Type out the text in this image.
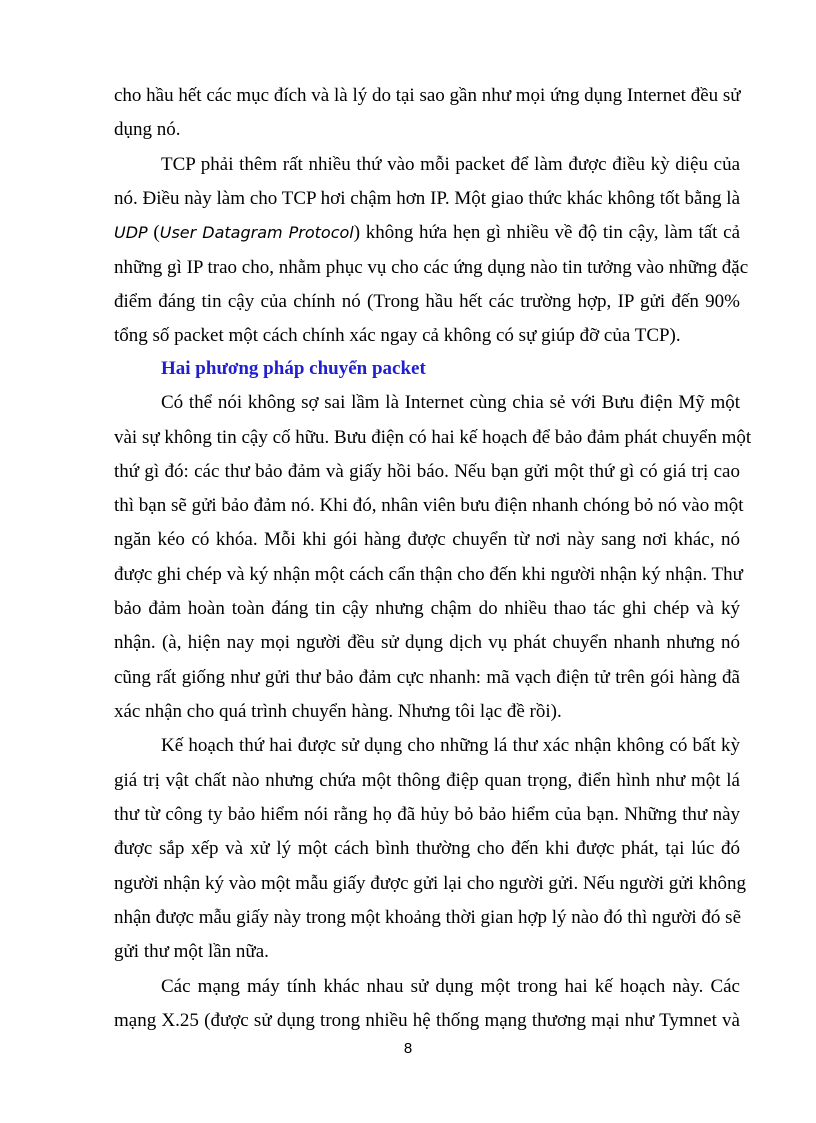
cho hầu hết các mục đích và là lý do tại sao gần như mọi ứng dụng Internet đều sử
dụng nó.
TCP phải thêm rất nhiều thứ vào mỗi packet để làm được điều kỳ diệu của
nó. Điều này làm cho TCP hơi chậm hơn IP. Một giao thức khác không tốt bằng là
UDP (User Datagram Protocol) không hứa hẹn gì nhiều về độ tin cậy, làm tất cả
những gì IP trao cho, nhằm phục vụ cho các ứng dụng nào tin tưởng vào những đặc
điểm đáng tin cậy của chính nó (Trong hầu hết các trường hợp, IP gửi đến 90%
tổng số packet một cách chính xác ngay cả không có sự giúp đỡ của TCP).
Hai phương pháp chuyển packet
Có thể nói không sợ sai lầm là Internet cùng chia sẻ với Bưu điện Mỹ một
vài sự không tin cậy cố hữu. Bưu điện có hai kế hoạch để bảo đảm phát chuyển một
thứ gì đó: các thư bảo đảm và giấy hồi báo. Nếu bạn gửi một thứ gì có giá trị cao
thì bạn sẽ gửi bảo đảm nó. Khi đó, nhân viên bưu điện nhanh chóng bỏ nó vào một
ngăn kéo có khóa. Mỗi khi gói hàng được chuyển từ nơi này sang nơi khác, nó
được ghi chép và ký nhận một cách cẩn thận cho đến khi người nhận ký nhận. Thư
bảo đảm hoàn toàn đáng tin cậy nhưng chậm do nhiều thao tác ghi chép và ký
nhận. (à, hiện nay mọi người đều sử dụng dịch vụ phát chuyển nhanh nhưng nó
cũng rất giống như gửi thư bảo đảm cực nhanh: mã vạch điện tử trên gói hàng đã
xác nhận cho quá trình chuyển hàng. Nhưng tôi lạc đề rồi).
Kế hoạch thứ hai được sử dụng cho những lá thư xác nhận không có bất kỳ
giá trị vật chất nào nhưng chứa một thông điệp quan trọng, điển hình như một lá
thư từ công ty bảo hiểm nói rằng họ đã hủy bỏ bảo hiểm của bạn. Những thư này
được sắp xếp và xử lý một cách bình thường cho đến khi được phát, tại lúc đó
người nhận ký vào một mẫu giấy được gửi lại cho người gửi. Nếu người gửi không
nhận được mẫu giấy này trong một khoảng thời gian hợp lý nào đó thì người đó sẽ
gửi thư một lần nữa.
Các mạng máy tính khác nhau sử dụng một trong hai kế hoạch này. Các
mạng X.25 (được sử dụng trong nhiều hệ thống mạng thương mại như Tymnet và
8
